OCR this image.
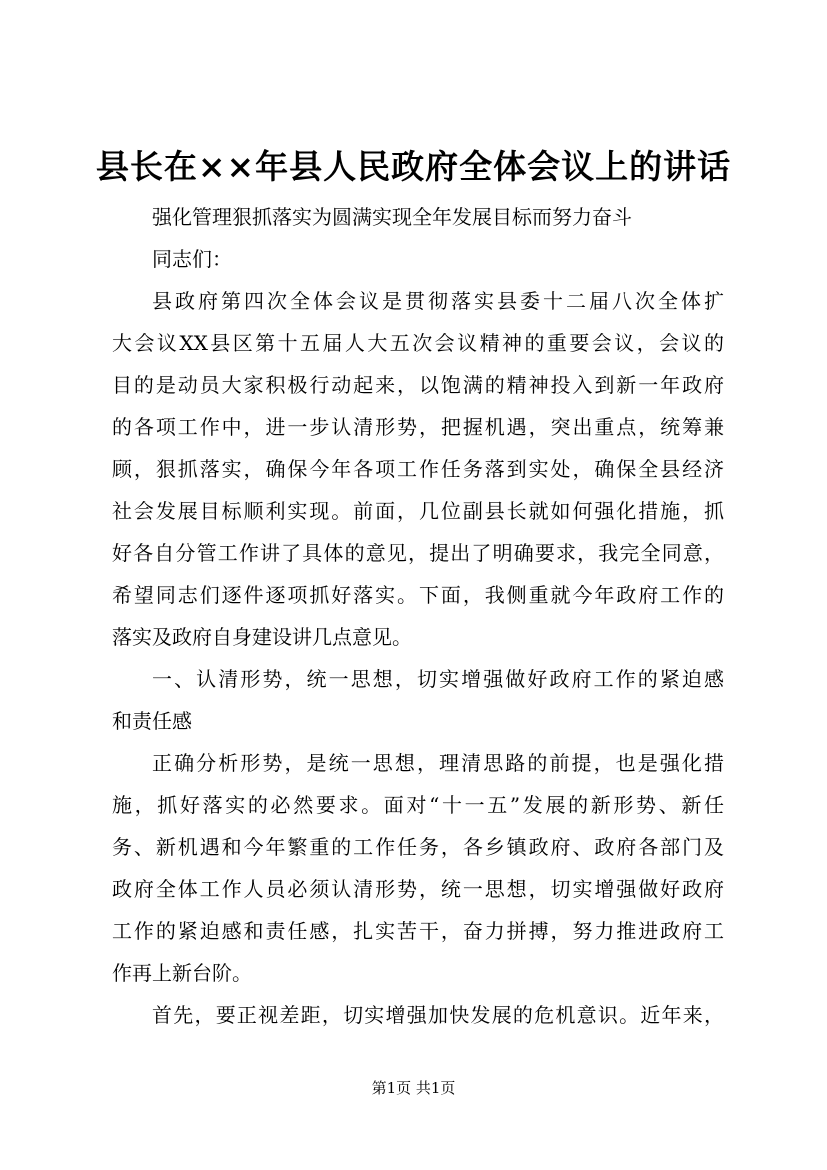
县长在××年县人民政府全体会议上的讲话
强化管理狠抓落实为圆满实现全年发展目标而努力奋斗
同志们：
县政府第四次全体会议是贯彻落实县委十二届八次全体扩
大会议XX县区第十五届人大五次会议精神的重要会议，会议的
目的是动员大家积极行动起来，以饱满的精神投入到新一年政府
的各项工作中，进一步认清形势，把握机遇，突出重点，统筹兼
顾，狠抓落实，确保今年各项工作任务落到实处，确保全县经济
社会发展目标顺利实现。前面，几位副县长就如何强化措施，抓
好各自分管工作讲了具体的意见，提出了明确要求，我完全同意，
希望同志们逐件逐项抓好落实。下面，我侧重就今年政府工作的
落实及政府自身建设讲几点意见。
一、认清形势，统一思想，切实增强做好政府工作的紧迫感
和责任感
正确分析形势，是统一思想，理清思路的前提，也是强化措
施，抓好落实的必然要求。面对“十一五”发展的新形势、新任
务、新机遇和今年繁重的工作任务，各乡镇政府、政府各部门及
政府全体工作人员必须认清形势，统一思想，切实增强做好政府
工作的紧迫感和责任感，扎实苦干，奋力拼搏，努力推进政府工
作再上新台阶。
首先，要正视差距，切实增强加快发展的危机意识。近年来，
第1页 共1页
